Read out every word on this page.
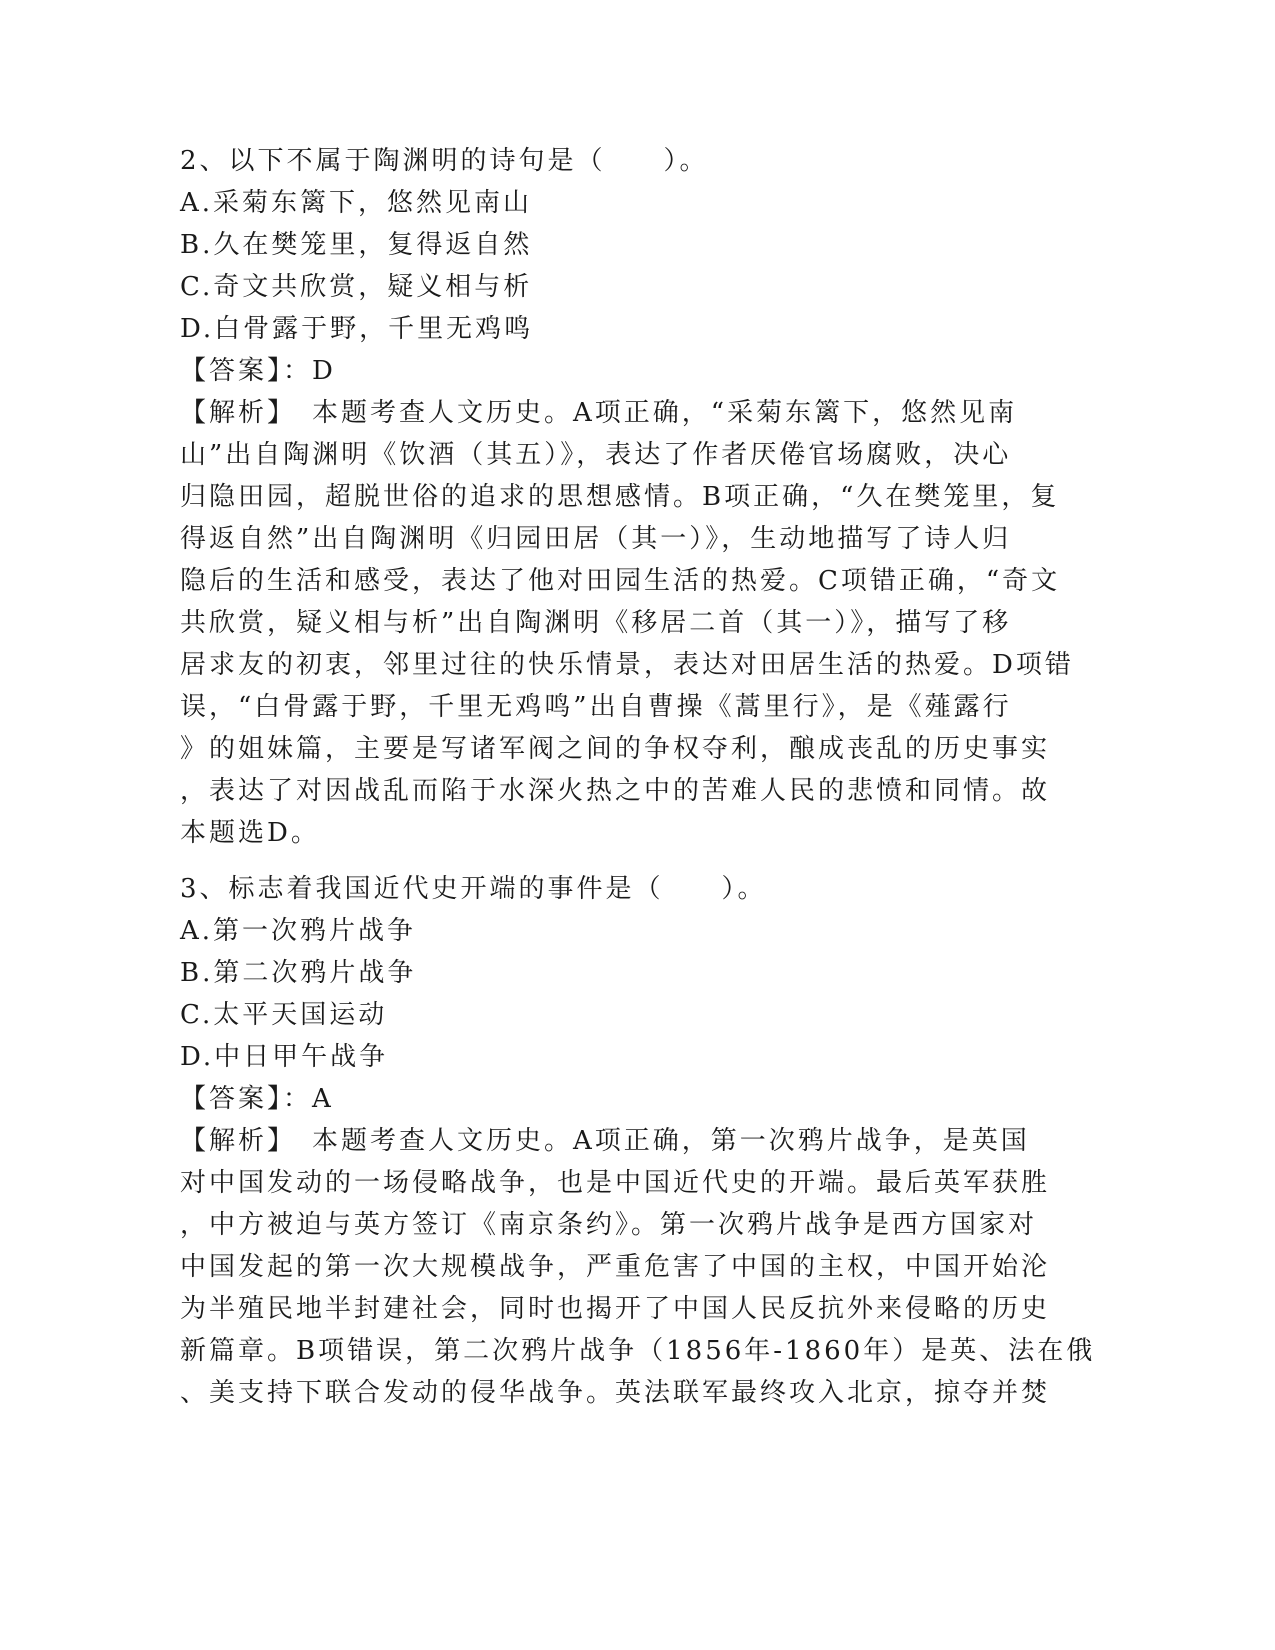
2、以下不属于陶渊明的诗句是（　　）。
A.采菊东篱下，悠然见南山
B.久在樊笼里，复得返自然
C.奇文共欣赏，疑义相与析
D.白骨露于野，千里无鸡鸣
【答案】：D
【解析】　本题考查人文历史。A项正确，“采菊东篱下，悠然见南
山”出自陶渊明《饮酒（其五）》，表达了作者厌倦官场腐败，决心
归隐田园，超脱世俗的追求的思想感情。B项正确，“久在樊笼里，复
得返自然”出自陶渊明《归园田居（其一）》，生动地描写了诗人归
隐后的生活和感受，表达了他对田园生活的热爱。C项错正确，“奇文
共欣赏，疑义相与析”出自陶渊明《移居二首（其一）》，描写了移
居求友的初衷，邻里过往的快乐情景，表达对田居生活的热爱。D项错
误，“白骨露于野，千里无鸡鸣”出自曹操《蒿里行》，是《薤露行
》的姐妹篇，主要是写诸军阀之间的争权夺利，酿成丧乱的历史事实
，表达了对因战乱而陷于水深火热之中的苦难人民的悲愤和同情。故
本题选D。
3、标志着我国近代史开端的事件是（　　）。
A.第一次鸦片战争
B.第二次鸦片战争
C.太平天国运动
D.中日甲午战争
【答案】：A
【解析】　本题考查人文历史。A项正确，第一次鸦片战争，是英国
对中国发动的一场侵略战争，也是中国近代史的开端。最后英军获胜
，中方被迫与英方签订《南京条约》。第一次鸦片战争是西方国家对
中国发起的第一次大规模战争，严重危害了中国的主权，中国开始沦
为半殖民地半封建社会，同时也揭开了中国人民反抗外来侵略的历史
新篇章。B项错误，第二次鸦片战争（1856年-1860年）是英、法在俄
、美支持下联合发动的侵华战争。英法联军最终攻入北京，掠夺并焚
